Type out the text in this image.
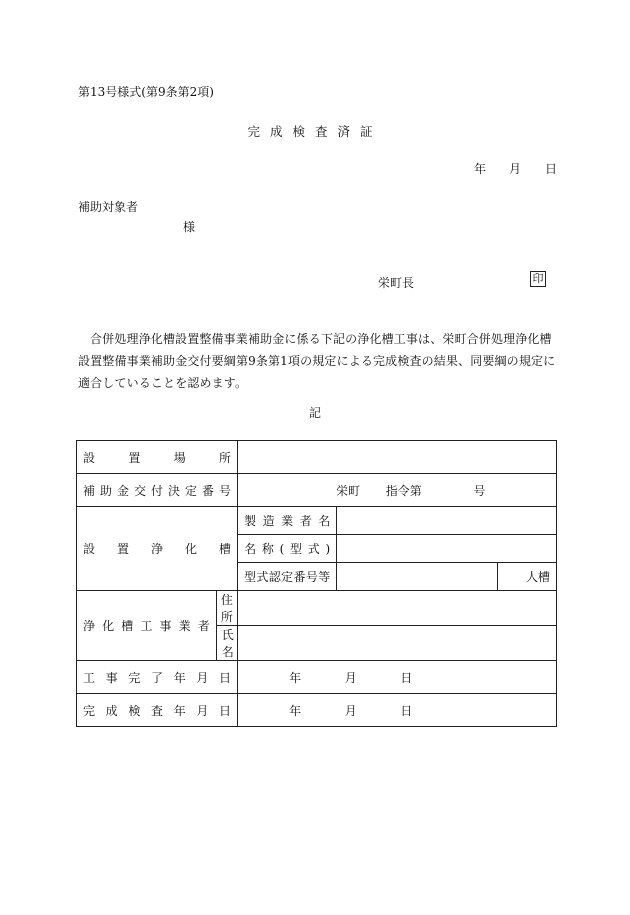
第13号様式(第9条第2項)
完成検査済証
年 月 日
補助対象者
様
栄町長	印
合併処理浄化槽設置整備事業補助金に係る下記の浄化槽工事は、栄町合併処理浄化槽設置整備事業補助金交付要綱第9条第1項の規定による完成検査の結果、同要綱の規定に適合していることを認めます。
記
設置場所				
補助金交付決定番号		栄町 指令第 号		
設置浄化槽		製造業者名		
		名称(型式)		
		型式認定番号等		人槽
浄化槽工事業者	住所			
	氏名			
工事完了年月日		年 月 日		
完成検査年月日		年 月 日		
